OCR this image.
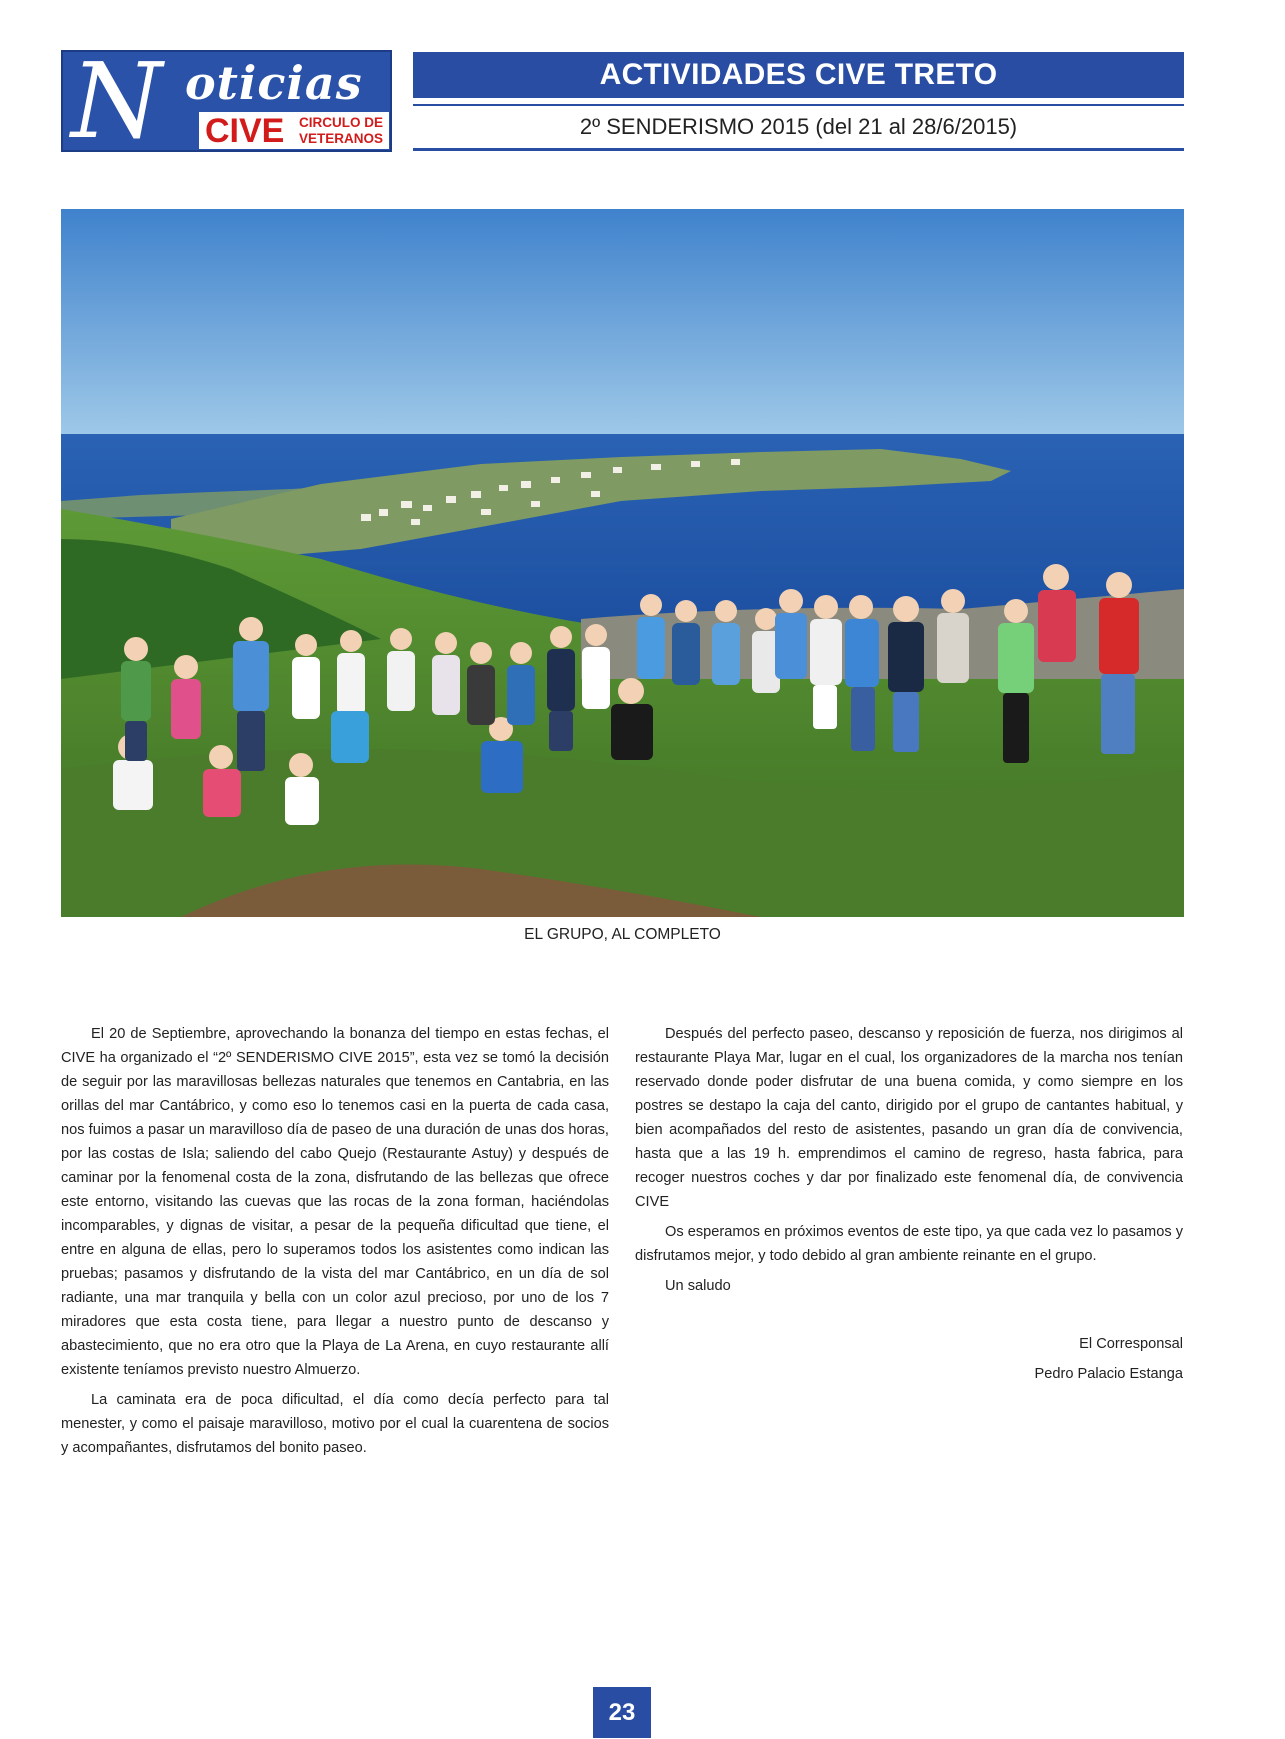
N oticias
CIVE CIRCULO DE
VETERANOS
ACTIVIDADES CIVE TRETO
2º SENDERISMO 2015 (del 21 al 28/6/2015)
EL GRUPO, AL COMPLETO

El 20 de Septiembre, aprovechando la bonanza del tiempo en estas fechas, el CIVE ha organizado el “2º SENDERISMO CIVE 2015”, esta vez se tomó la decisión de seguir por las maravillosas bellezas naturales que tenemos en Cantabria, en las orillas del mar Cantábrico, y como eso lo tenemos casi en la puerta de cada casa, nos fuimos a pasar un maravilloso día de paseo de una duración de unas dos horas, por las costas de Isla; saliendo del cabo Quejo (Restaurante Astuy) y después de caminar por la fenomenal costa de la zona, disfrutando de las bellezas que ofrece este entorno, visitando las cuevas que las rocas de la zona forman, haciéndolas incomparables, y dignas de visitar, a pesar de la pequeña dificultad que tiene, el entre en alguna de ellas, pero lo superamos todos los asistentes como indican las pruebas; pasamos y disfrutando de la vista del mar Cantábrico, en un día de sol radiante, una mar tranquila y bella con un color azul precioso, por uno de los 7 miradores que esta costa tiene, para llegar a nuestro punto de descanso y abastecimiento, que no era otro que la Playa de La Arena, en cuyo restaurante allí existente teníamos previsto nuestro Almuerzo.

La caminata era de poca dificultad, el día como decía perfecto para tal menester, y como el paisaje maravilloso, motivo por el cual la cuarentena de socios y acompañantes, disfrutamos del bonito paseo.

Después del perfecto paseo, descanso y reposición de fuerza, nos dirigimos al restaurante Playa Mar, lugar en el cual, los organizadores de la marcha nos tenían reservado donde poder disfrutar de una buena comida, y como siempre en los postres se destapo la caja del canto, dirigido por el grupo de cantantes habitual, y bien acompañados del resto de asistentes, pasando un gran día de convivencia, hasta que a las 19 h. emprendimos el camino de regreso, hasta fabrica, para recoger nuestros coches y dar por finalizado este fenomenal día, de convivencia CIVE

Os esperamos en próximos eventos de este tipo, ya que cada vez lo pasamos y disfrutamos mejor, y todo debido al gran ambiente reinante en el grupo.

Un saludo

El Corresponsal
Pedro Palacio Estanga
23
